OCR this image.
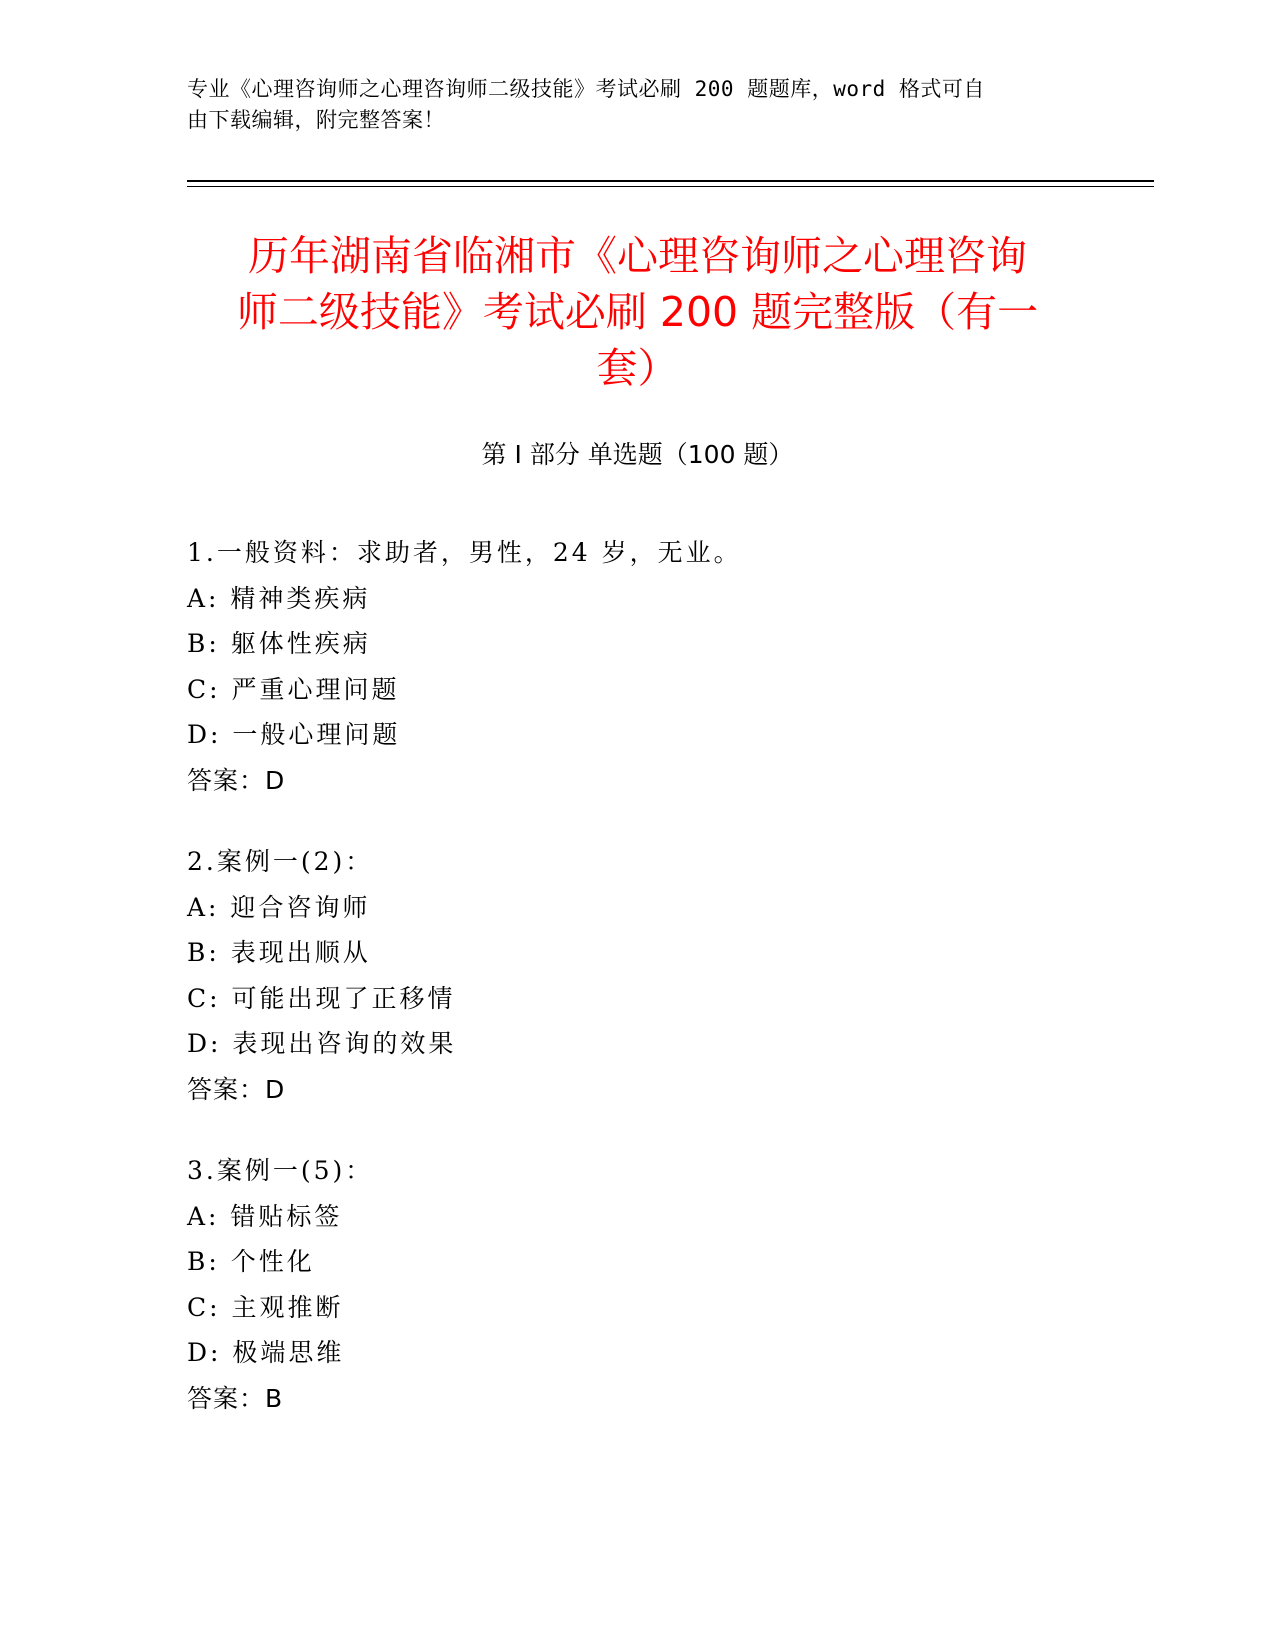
专业《心理咨询师之心理咨询师二级技能》考试必刷 200 题题库，word 格式可自
由下载编辑，附完整答案！
历年湖南省临湘市《心理咨询师之心理咨询
师二级技能》考试必刷 200 题完整版（有一
套）
第 I 部分 单选题（100 题）
1.一般资料：求助者，男性，24 岁，无业。
A: 精神类疾病
B: 躯体性疾病
C: 严重心理问题
D: 一般心理问题
答案：D
2.案例一(2)：
A: 迎合咨询师
B: 表现出顺从
C: 可能出现了正移情
D: 表现出咨询的效果
答案：D
3.案例一(5)：
A: 错贴标签
B: 个性化
C: 主观推断
D: 极端思维
答案：B
